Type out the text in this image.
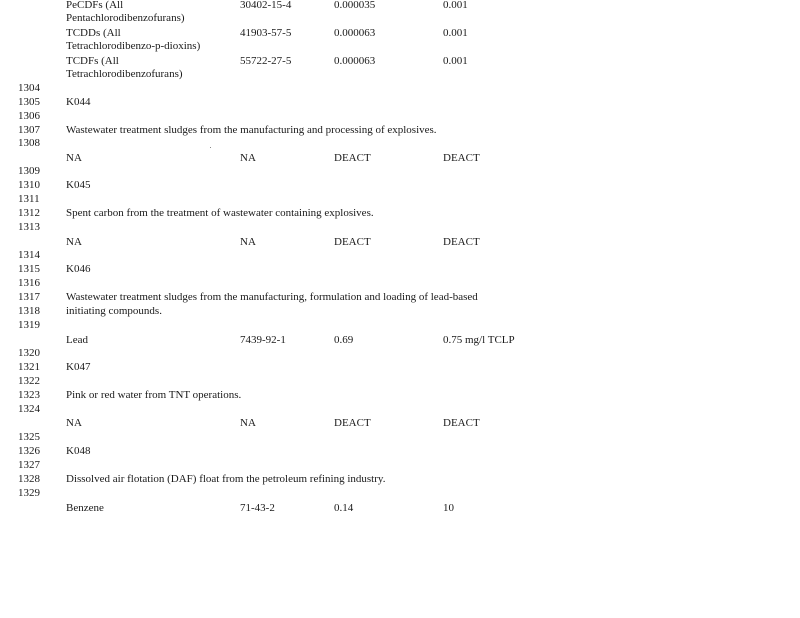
PeCDFs (All
Pentachlorodibenzofurans)
30402-15-4	0.000035	0.001
TCDDs (All
Tetrachlorodibenzo-p-dioxins)
41903-57-5	0.000063	0.001
TCDFs (All
Tetrachlorodibenzofurans)
55722-27-5	0.000063	0.001
1304
1305
1306
1307
1308
1309
1310
1311
1312
1313
1314
1315
1316
1317
1318
1319
1320
1321
1322
1323
1324
1325
1326
1327
1328
1329
K044
Wastewater treatment sludges from the manufacturing and processing of explosives.
NA	NA	DEACT	DEACT
K045
Spent carbon from the treatment of wastewater containing explosives.
NA	NA	DEACT	DEACT
K046
Wastewater treatment sludges from the manufacturing, formulation and loading of lead-based
initiating compounds.
Lead	7439-92-1	0.69	0.75 mg/l TCLP
K047
Pink or red water from TNT operations.
NA	NA	DEACT	DEACT
K048
Dissolved air flotation (DAF) float from the petroleum refining industry.
Benzene	71-43-2	0.14	10
